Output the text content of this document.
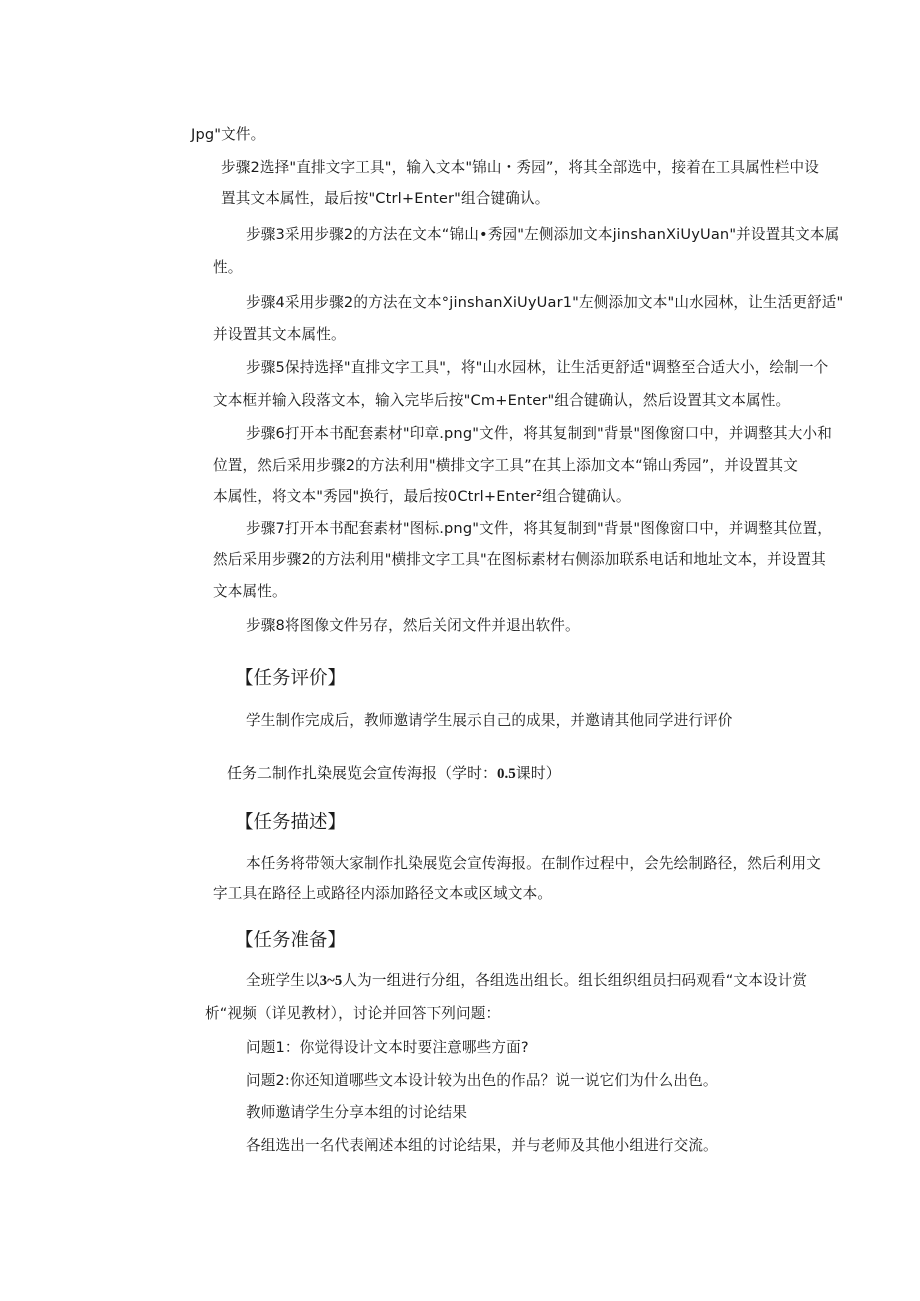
Jpg"文件。
步骤2选择"直排文字工具"，输入文本"锦山・秀园”，将其全部选中，接着在工具属性栏中设
置其文本属性，最后按"Ctrl+Enter"组合键确认。
步骤3采用步骤2的方法在文本“锦山•秀园"左侧添加文本jinshanXiUyUan"并设置其文本属
性。
步骤4采用步骤2的方法在文本°jinshanXiUyUar1"左侧添加文本"山水园林，让生活更舒适"
并设置其文本属性。
步骤5保持选择"直排文字工具"，将"山水园林，让生活更舒适"调整至合适大小，绘制一个
文本框并输入段落文本，输入完毕后按"Cm+Enter"组合键确认，然后设置其文本属性。
步骤6打开本书配套素材"印章.png"文件，将其复制到"背景"图像窗口中，并调整其大小和
位置，然后采用步骤2的方法利用"横排文字工具”在其上添加文本“锦山秀园”，并设置其文
本属性，将文本"秀园"换行，最后按0Ctrl+Enter²组合键确认。
步骤7打开本书配套素材"图标.png"文件，将其复制到"背景"图像窗口中，并调整其位置，
然后采用步骤2的方法利用"横排文字工具"在图标素材右侧添加联系电话和地址文本，并设置其
文本属性。
步骤8将图像文件另存，然后关闭文件并退出软件。
【任务评价】
学生制作完成后，教师邀请学生展示自己的成果，并邀请其他同学进行评价
任务二制作扎染展览会宣传海报（学时：0.5课时）
【任务描述】
本任务将带领大家制作扎染展览会宣传海报。在制作过程中，会先绘制路径，然后利用文
字工具在路径上或路径内添加路径文本或区域文本。
【任务准备】
全班学生以3~5人为一组进行分组，各组选出组长。组长组织组员扫码观看“文本设计赏
析“视频（详见教材），讨论并回答下列问题：
问题1：你觉得设计文本时要注意哪些方面?
问题2:你还知道哪些文本设计较为出色的作品？说一说它们为什么出色。
教师邀请学生分享本组的讨论结果
各组选出一名代表阐述本组的讨论结果，并与老师及其他小组进行交流。
